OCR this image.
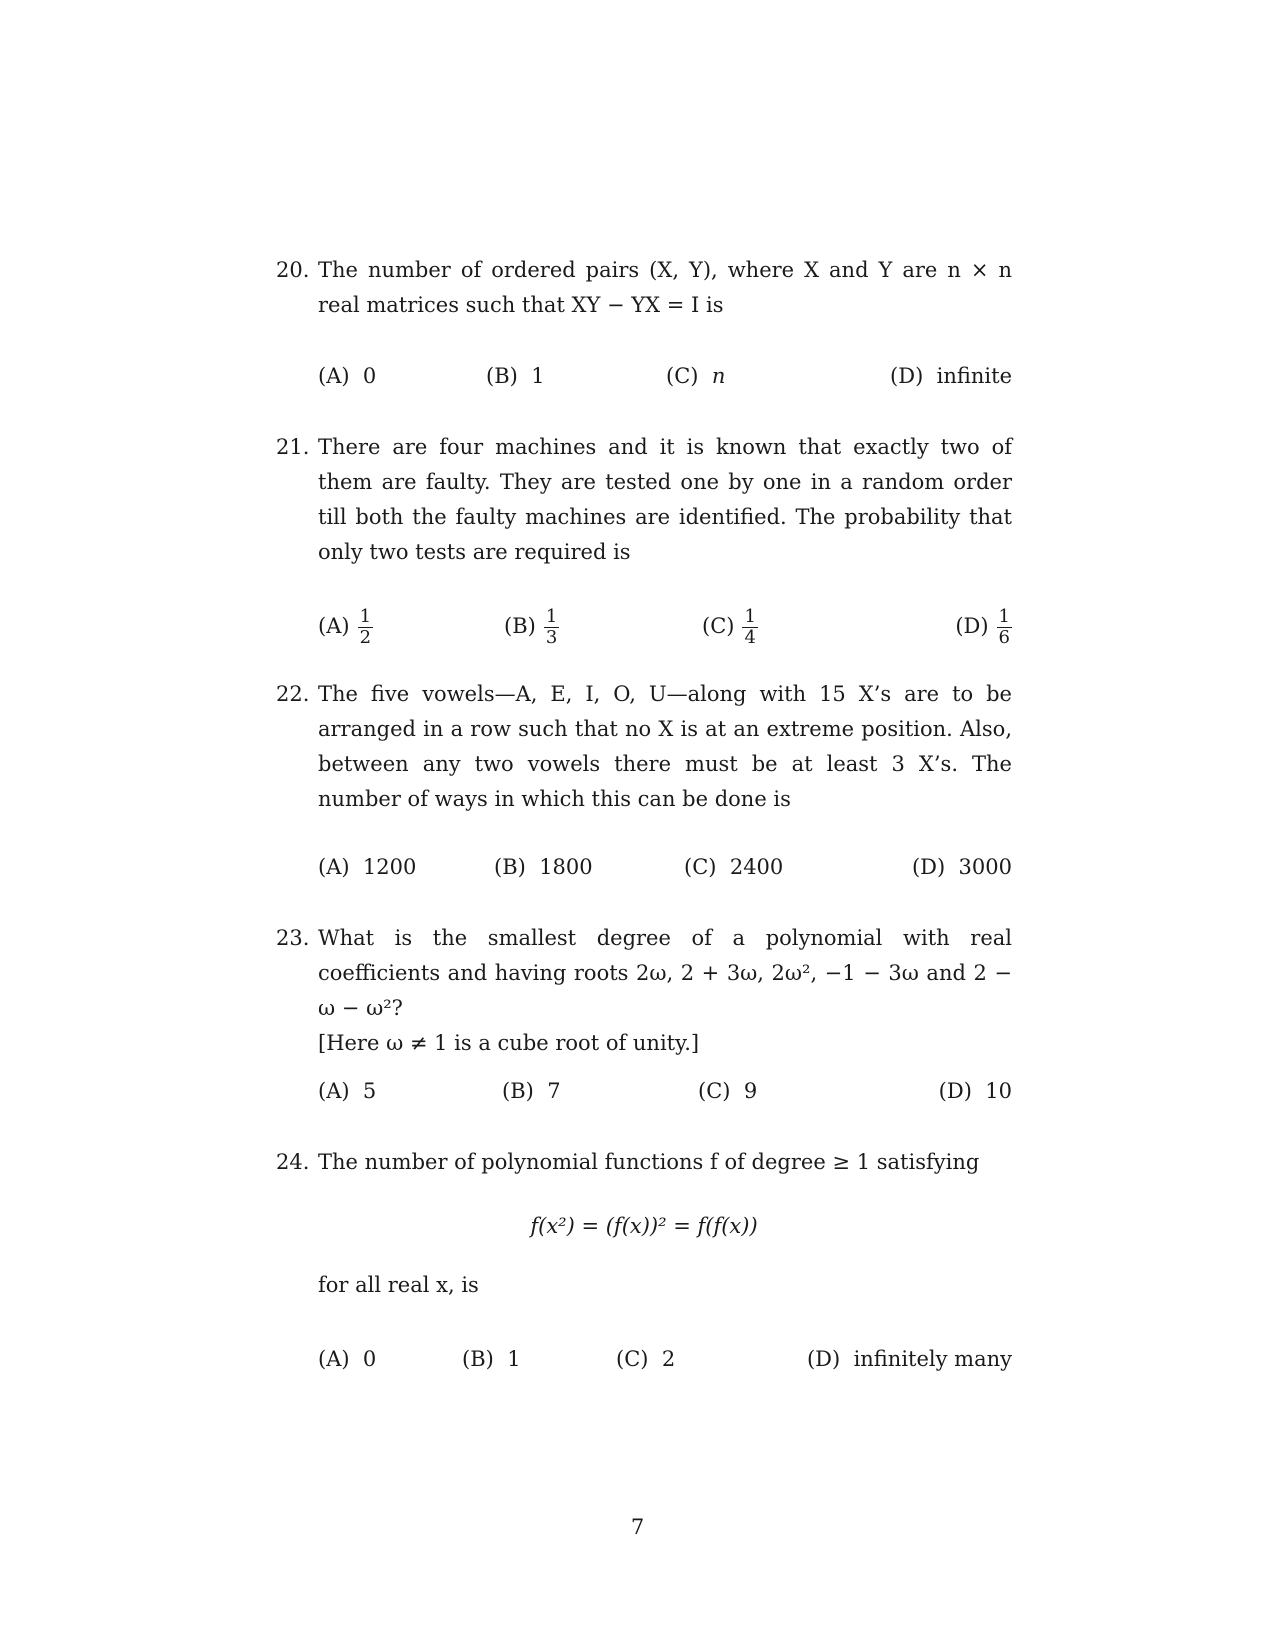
20. The number of ordered pairs (X, Y), where X and Y are n × n real matrices such that XY − YX = I is

(A) 0	(B) 1	(C) n	(D) infinite
21. There are four machines and it is known that exactly two of them are faulty. They are tested one by one in a random order till both the faulty machines are identified. The probability that only two tests are required is

$(A) \frac{1}{2}$	$(B) \frac{1}{3}$	$(C) \frac{1}{4}$	$(D) \frac{1}{6}$
22. The five vowels—A, E, I, O, U—along with 15 X’s are to be arranged in a row such that no X is at an extreme position. Also, between any two vowels there must be at least 3 X’s. The number of ways in which this can be done is

(A) 1200	(B) 1800	(C) 2400	(D) 3000
23. What is the smallest degree of a polynomial with real coefficients and having roots 2ω, 2 + 3ω, 2ω², −1 − 3ω and 2 − ω − ω²?

[Here ω ≠ 1 is a cube root of unity.]

(A) 5	(B) 7	(C) 9	(D) 10
24. The number of polynomial functions f of degree ≥ 1 satisfying

f(x²) = (f(x))² = f(f(x))

for all real x, is

(A) 0	(B) 1	(C) 2	(D) infinitely many
7
